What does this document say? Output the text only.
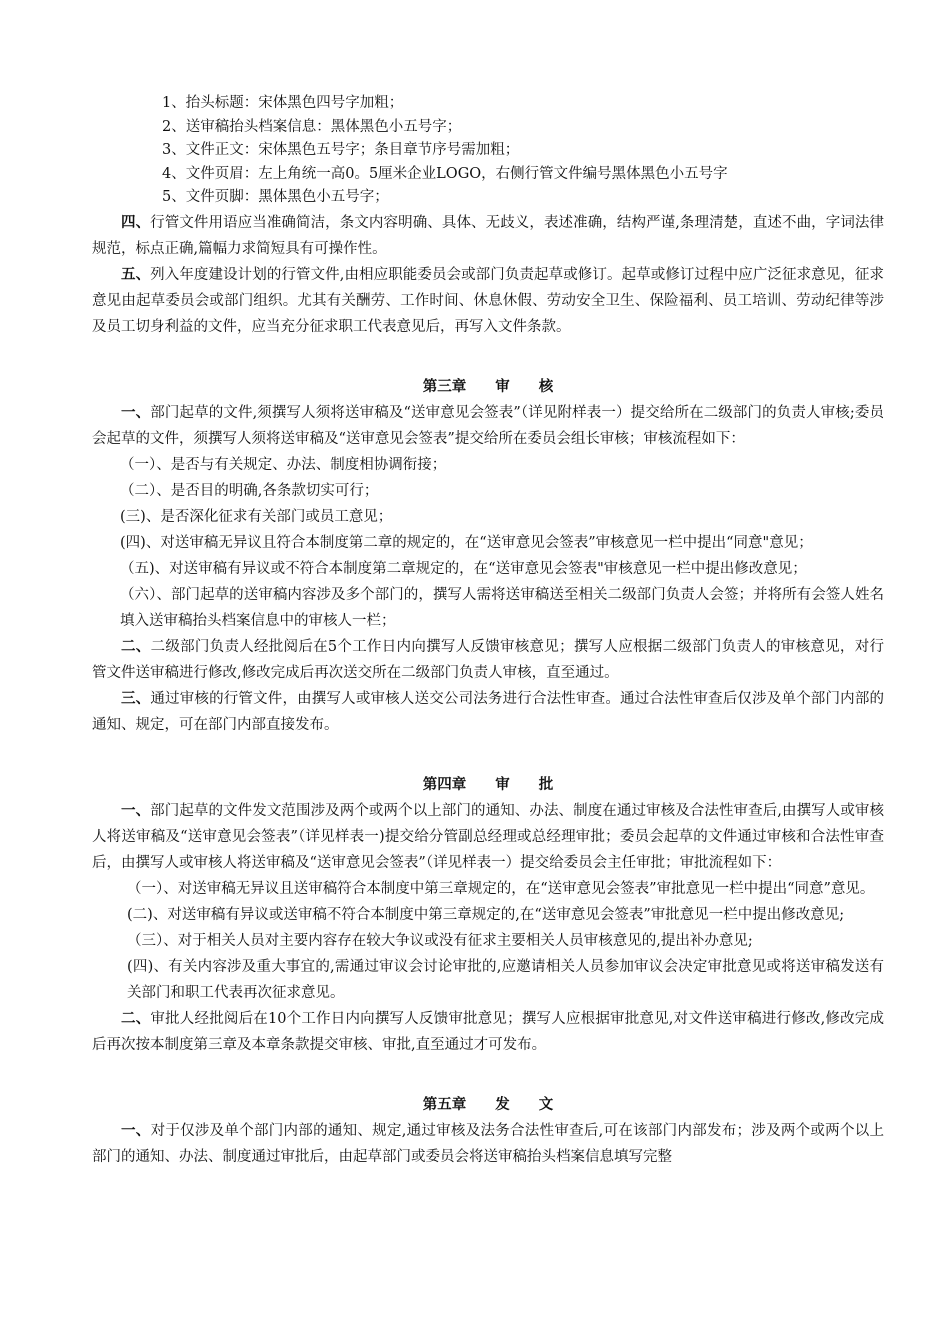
1、抬头标题：宋体黑色四号字加粗；
2、送审稿抬头档案信息：黑体黑色小五号字；
3、文件正文：宋体黑色五号字；条目章节序号需加粗；
4、文件页眉：左上角统一高0。5厘米企业LOGO，右侧行管文件编号黑体黑色小五号字
5、文件页脚：黑体黑色小五号字；
四、行管文件用语应当准确简洁，条文内容明确、具体、无歧义，表述准确，结构严谨,条理清楚，直述不曲，字词法律规范，标点正确,篇幅力求简短具有可操作性。
五、列入年度建设计划的行管文件,由相应职能委员会或部门负责起草或修订。起草或修订过程中应广泛征求意见，征求意见由起草委员会或部门组织。尤其有关酬劳、工作时间、休息休假、劳动安全卫生、保险福利、员工培训、劳动纪律等涉及员工切身利益的文件，应当充分征求职工代表意见后，再写入文件条款。
第三章 审 核
一、部门起草的文件,须撰写人须将送审稿及“送审意见会签表”（详见附样表一）提交给所在二级部门的负责人审核;委员会起草的文件，须撰写人须将送审稿及“送审意见会签表”提交给所在委员会组长审核；审核流程如下：
（一）、是否与有关规定、办法、制度相协调衔接；
（二）、是否目的明确,各条款切实可行；
(三)、是否深化征求有关部门或员工意见；
(四)、对送审稿无异议且符合本制度第二章的规定的，在“送审意见会签表”审核意见一栏中提出“同意"意见；
（五)、对送审稿有异议或不符合本制度第二章规定的，在“送审意见会签表"审核意见一栏中提出修改意见；
（六）、部门起草的送审稿内容涉及多个部门的，撰写人需将送审稿送至相关二级部门负责人会签；并将所有会签人姓名填入送审稿抬头档案信息中的审核人一栏；
二、二级部门负责人经批阅后在5个工作日内向撰写人反馈审核意见；撰写人应根据二级部门负责人的审核意见，对行管文件送审稿进行修改,修改完成后再次送交所在二级部门负责人审核，直至通过。
三、通过审核的行管文件，由撰写人或审核人送交公司法务进行合法性审查。通过合法性审查后仅涉及单个部门内部的通知、规定，可在部门内部直接发布。
第四章 审 批
一、部门起草的文件发文范围涉及两个或两个以上部门的通知、办法、制度在通过审核及合法性审查后,由撰写人或审核人将送审稿及“送审意见会签表”（详见样表一)提交给分管副总经理或总经理审批；委员会起草的文件通过审核和合法性审查后，由撰写人或审核人将送审稿及“送审意见会签表”（详见样表一）提交给委员会主任审批；审批流程如下：
（一）、对送审稿无异议且送审稿符合本制度中第三章规定的，在“送审意见会签表”审批意见一栏中提出“同意”意见。
(二)、对送审稿有异议或送审稿不符合本制度中第三章规定的,在“送审意见会签表”审批意见一栏中提出修改意见;
（三）、对于相关人员对主要内容存在较大争议或没有征求主要相关人员审核意见的,提出补办意见;
(四)、有关内容涉及重大事宜的,需通过审议会讨论审批的,应邀请相关人员参加审议会决定审批意见或将送审稿发送有关部门和职工代表再次征求意见。
二、审批人经批阅后在10个工作日内向撰写人反馈审批意见；撰写人应根据审批意见,对文件送审稿进行修改,修改完成后再次按本制度第三章及本章条款提交审核、审批,直至通过才可发布。
第五章 发 文
一、对于仅涉及单个部门内部的通知、规定,通过审核及法务合法性审查后,可在该部门内部发布；涉及两个或两个以上部门的通知、办法、制度通过审批后，由起草部门或委员会将送审稿抬头档案信息填写完整
